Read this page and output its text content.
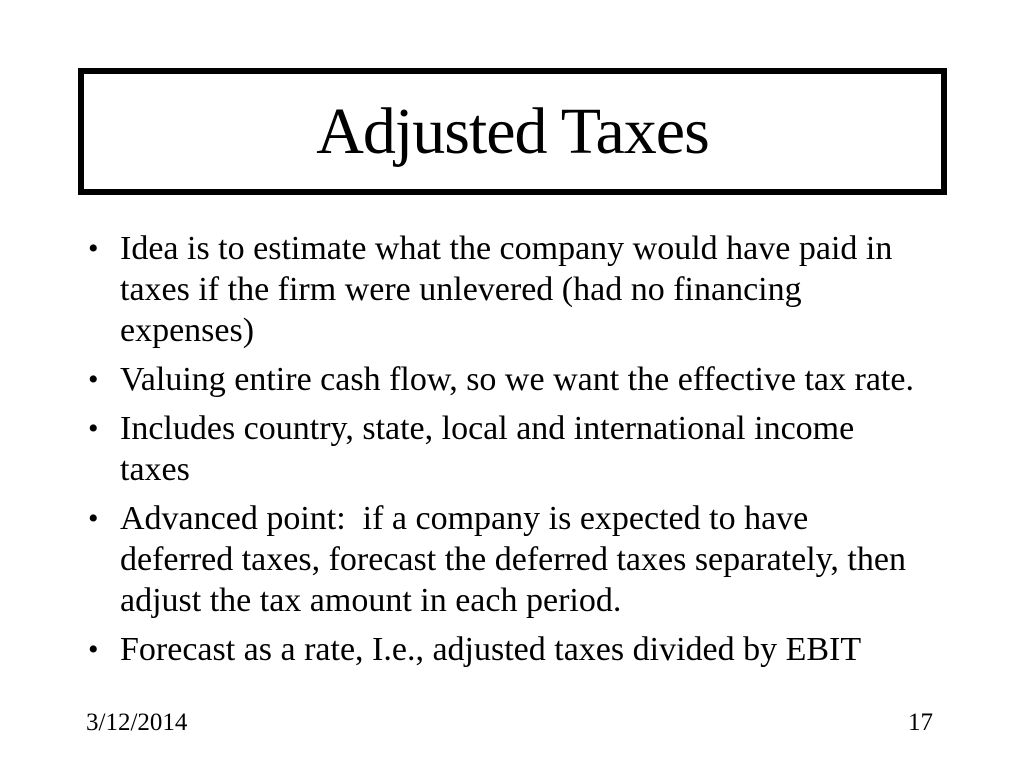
Adjusted Taxes
• Idea is to estimate what the company would have paid in
taxes if the firm were unlevered (had no financing
expenses)
• Valuing entire cash flow, so we want the effective tax rate.
• Includes country, state, local and international income
taxes
• Advanced point:  if a company is expected to have
deferred taxes, forecast the deferred taxes separately, then
adjust the tax amount in each period.
• Forecast as a rate, I.e., adjusted taxes divided by EBIT
3/12/2014	17
